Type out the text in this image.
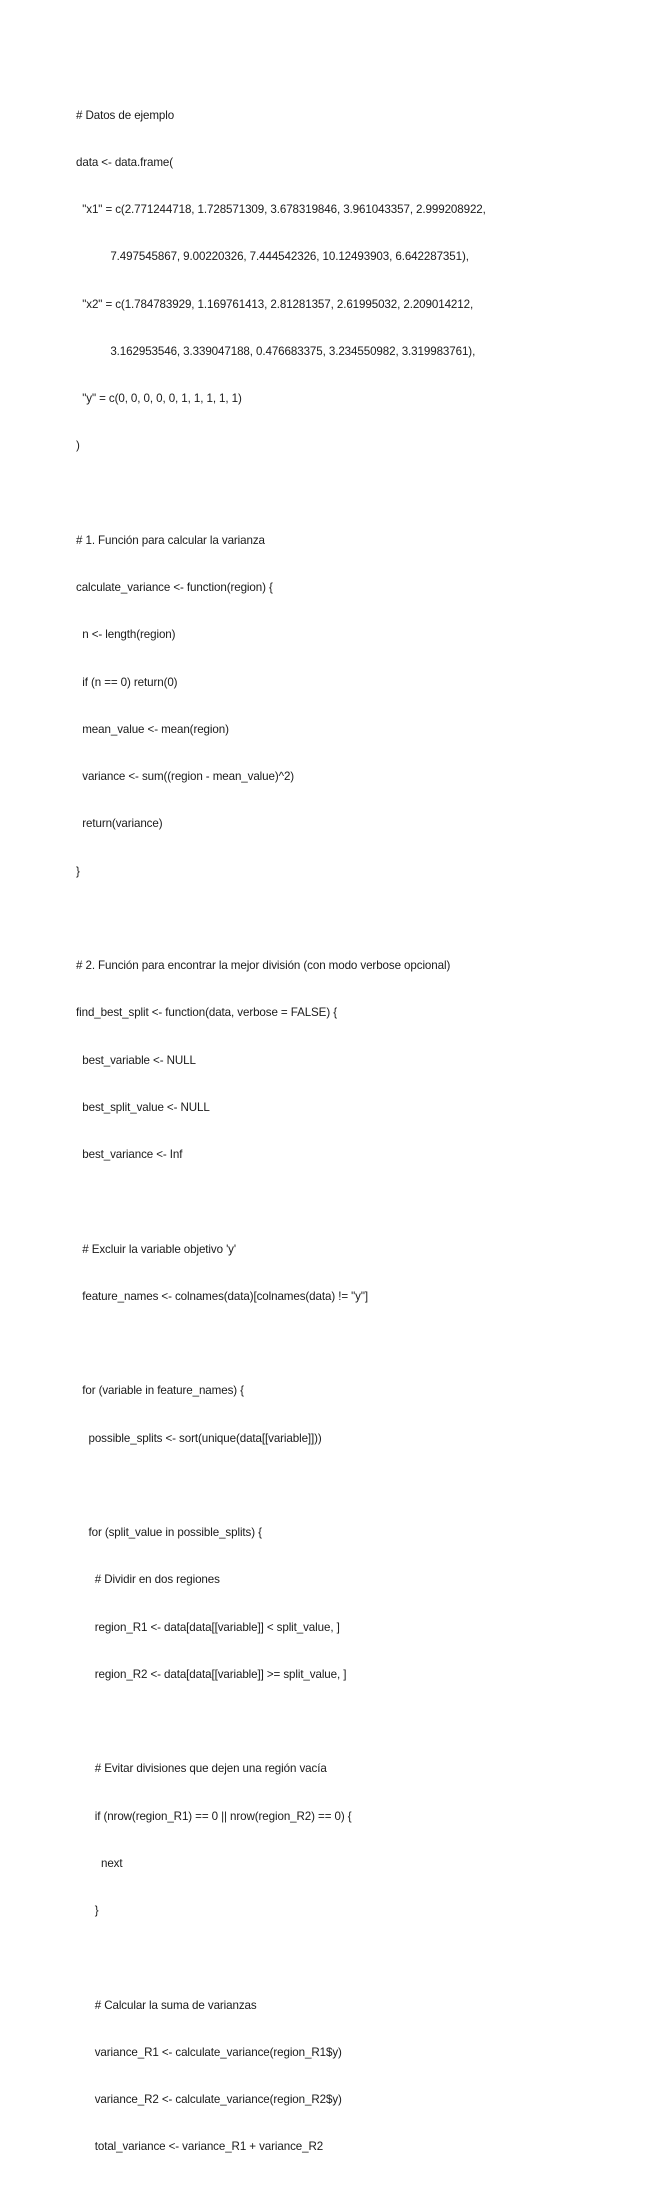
# Datos de ejemplo

data <- data.frame(

"x1" = c(2.771244718, 1.728571309, 3.678319846, 3.961043357, 2.999208922,

7.497545867, 9.00220326, 7.444542326, 10.12493903, 6.642287351),

"x2" = c(1.784783929, 1.169761413, 2.81281357, 2.61995032, 2.209014212,

3.162953546, 3.339047188, 0.476683375, 3.234550982, 3.319983761),

"y" = c(0, 0, 0, 0, 0, 1, 1, 1, 1, 1)

)

# 1. Función para calcular la varianza

calculate_variance <- function(region) {

n <- length(region)

if (n == 0) return(0)

mean_value <- mean(region)

variance <- sum((region - mean_value)^2)

return(variance)

}

# 2. Función para encontrar la mejor división (con modo verbose opcional)

find_best_split <- function(data, verbose = FALSE) {

best_variable <- NULL

best_split_value <- NULL

best_variance <- Inf

# Excluir la variable objetivo 'y'

feature_names <- colnames(data)[colnames(data) != "y"]

for (variable in feature_names) {

possible_splits <- sort(unique(data[[variable]]))

for (split_value in possible_splits) {

# Dividir en dos regiones

region_R1 <- data[data[[variable]] < split_value, ]

region_R2 <- data[data[[variable]] >= split_value, ]

# Evitar divisiones que dejen una región vacía

if (nrow(region_R1) == 0 || nrow(region_R2) == 0) {

next

}

# Calcular la suma de varianzas

variance_R1 <- calculate_variance(region_R1$y)

variance_R2 <- calculate_variance(region_R2$y)

total_variance <- variance_R1 + variance_R2
